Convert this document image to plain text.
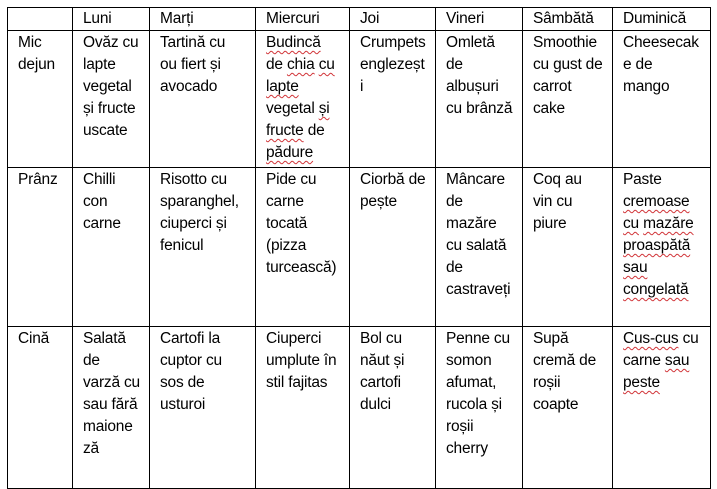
	Luni	Marți	Miercuri	Joi	Vineri	Sâmbătă	Duminică
Mic dejun	Ovăz cu lapte vegetal și fructe uscate	Tartină cu ou fiert și avocado	Budincă de chia cu lapte vegetal și fructe de pădure	Crumpets englezești	Omletă de albușuri cu brânză	Smoothie cu gust de carrot cake	Cheesecake de mango
Prânz	Chilli con carne	Risotto cu sparanghel, ciuperci și fenicul	Pide cu carne tocată (pizza turcească)	Ciorbă de pește	Mâncare de mazăre cu salată de castraveți	Coq au vin cu piure	Paste cremoase cu mazăre proaspătă sau congelată
Cină	Salată de varză cu sau fără maioneză	Cartofi la cuptor cu sos de usturoi	Ciuperci umplute în stil fajitas	Bol cu năut și cartofi dulci	Penne cu somon afumat, rucola și roșii cherry	Supă cremă de roșii coapte	Cus-cus cu carne sau peste
